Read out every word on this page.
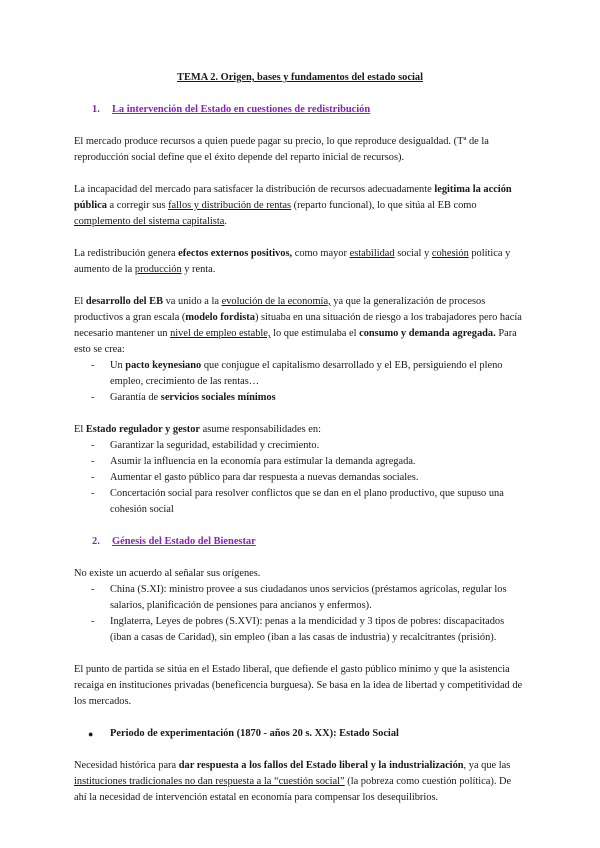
TEMA 2. Origen, bases y fundamentos del estado social
1. La intervención del Estado en cuestiones de redistribución

El mercado produce recursos a quien puede pagar su precio, lo que reproduce desigualdad. (Tª de la reproducción social define que el éxito depende del reparto inicial de recursos).

La incapacidad del mercado para satisfacer la distribución de recursos adecuadamente legitima la acción pública a corregir sus fallos y distribución de rentas (reparto funcional), lo que sitúa al EB como complemento del sistema capitalista.

La redistribución genera efectos externos positivos, como mayor estabilidad social y cohesión política y aumento de la producción y renta.

El desarrollo del EB va unido a la evolución de la economía, ya que la generalización de procesos productivos a gran escala (modelo fordista) situaba en una situación de riesgo a los trabajadores pero hacía necesario mantener un nivel de empleo estable, lo que estimulaba el consumo y demanda agregada. Para esto se crea:

- Un pacto keynesiano que conjugue el capitalismo desarrollado y el EB, persiguiendo el pleno empleo, crecimiento de las rentas…
- Garantía de servicios sociales mínimos

El Estado regulador y gestor asume responsabilidades en:

- Garantizar la seguridad, estabilidad y crecimiento.
- Asumir la influencia en la economía para estimular la demanda agregada.
- Aumentar el gasto público para dar respuesta a nuevas demandas sociales.
- Concertación social para resolver conflictos que se dan en el plano productivo, que supuso una cohesión social
2. Génesis del Estado del Bienestar

No existe un acuerdo al señalar sus orígenes.

- China (S.XI): ministro provee a sus ciudadanos unos servicios (préstamos agrícolas, regular los salarios, planificación de pensiones para ancianos y enfermos).
- Inglaterra, Leyes de pobres (S.XVI): penas a la mendicidad y 3 tipos de pobres: discapacitados (iban a casas de Caridad), sin empleo (iban a las casas de industria) y recalcitrantes (prisión).

El punto de partida se sitúa en el Estado liberal, que defiende el gasto público mínimo y que la asistencia recaiga en instituciones privadas (beneficencia burguesa). Se basa en la idea de libertad y competitividad de los mercados.

● Periodo de experimentación (1870 - años 20 s. XX): Estado Social

Necesidad histórica para dar respuesta a los fallos del Estado liberal y la industrialización, ya que las instituciones tradicionales no dan respuesta a la “cuestión social” (la pobreza como cuestión política). De ahí la necesidad de intervención estatal en economía para compensar los desequilibrios.
